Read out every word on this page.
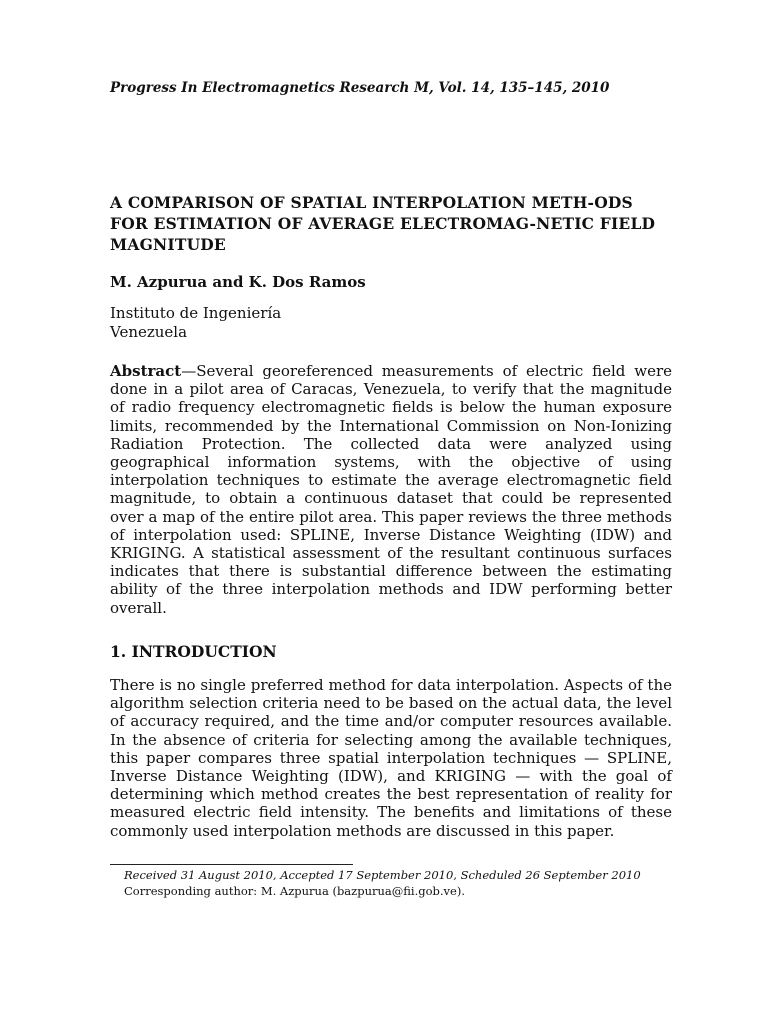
Progress In Electromagnetics Research M, Vol. 14, 135–145, 2010
A COMPARISON OF SPATIAL INTERPOLATION METH-ODS FOR ESTIMATION OF AVERAGE ELECTROMAG-NETIC FIELD MAGNITUDE
M. Azpurua and K. Dos Ramos
Instituto de Ingeniería
Venezuela

Abstract—Several georeferenced measurements of electric field were done in a pilot area of Caracas, Venezuela, to verify that the magnitude of radio frequency electromagnetic fields is below the human exposure limits, recommended by the International Commission on Non-Ionizing Radiation Protection. The collected data were analyzed using geographical information systems, with the objective of using interpolation techniques to estimate the average electromagnetic field magnitude, to obtain a continuous dataset that could be represented over a map of the entire pilot area. This paper reviews the three methods of interpolation used: SPLINE, Inverse Distance Weighting (IDW) and KRIGING. A statistical assessment of the resultant continuous surfaces indicates that there is substantial difference between the estimating ability of the three interpolation methods and IDW performing better overall.

1. INTRODUCTION

There is no single preferred method for data interpolation. Aspects of the algorithm selection criteria need to be based on the actual data, the level of accuracy required, and the time and/or computer resources available. In the absence of criteria for selecting among the available techniques, this paper compares three spatial interpolation techniques — SPLINE, Inverse Distance Weighting (IDW), and KRIGING — with the goal of determining which method creates the best representation of reality for measured electric field intensity. The benefits and limitations of these commonly used interpolation methods are discussed in this paper.

Received 31 August 2010, Accepted 17 September 2010, Scheduled 26 September 2010
Corresponding author: M. Azpurua (bazpurua@fii.gob.ve).
